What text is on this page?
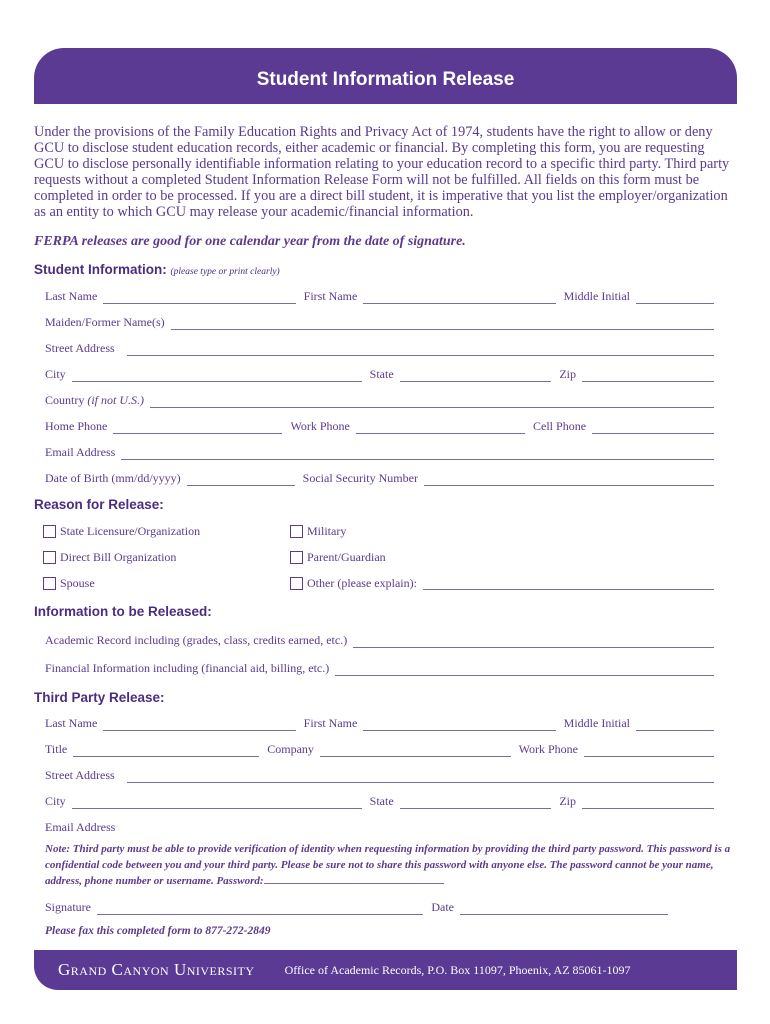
Student Information Release

Under the provisions of the Family Education Rights and Privacy Act of 1974, students have the right to allow or deny GCU to disclose student education records, either academic or financial. By completing this form, you are requesting GCU to disclose personally identifiable information relating to your education record to a specific third party. Third party requests without a completed Student Information Release Form will not be fulfilled. All fields on this form must be completed in order to be processed. If you are a direct bill student, it is imperative that you list the employer/organization as an entity to which GCU may release your academic/financial information.

FERPA releases are good for one calendar year from the date of signature.
Student Information: (please type or print clearly)
Last Name	First Name	Middle Initial
Maiden/Former Name(s)
Street Address
City	State	Zip
Country (if not U.S.)
Home Phone	Work Phone	Cell Phone
Email Address
Date of Birth (mm/dd/yyyy)	Social Security Number
Reason for Release:
State Licensure/Organization	Military
Direct Bill Organization	Parent/Guardian
Spouse	Other (please explain):
Information to be Released:
Academic Record including (grades, class, credits earned, etc.)
Financial Information including (financial aid, billing, etc.)
Third Party Release:
Last Name	First Name	Middle Initial
Title	Company	Work Phone
Street Address
City	State	Zip
Email Address

Note: Third party must be able to provide verification of identity when requesting information by providing the third party password. This password is a confidential code between you and your third party. Please be sure not to share this password with anyone else. The password cannot be your name, address, phone number or username. Password:

Signature	Date
Please fax this completed form to 877-272-2849
Grand Canyon University	Office of Academic Records, P.O. Box 11097, Phoenix, AZ 85061-1097
